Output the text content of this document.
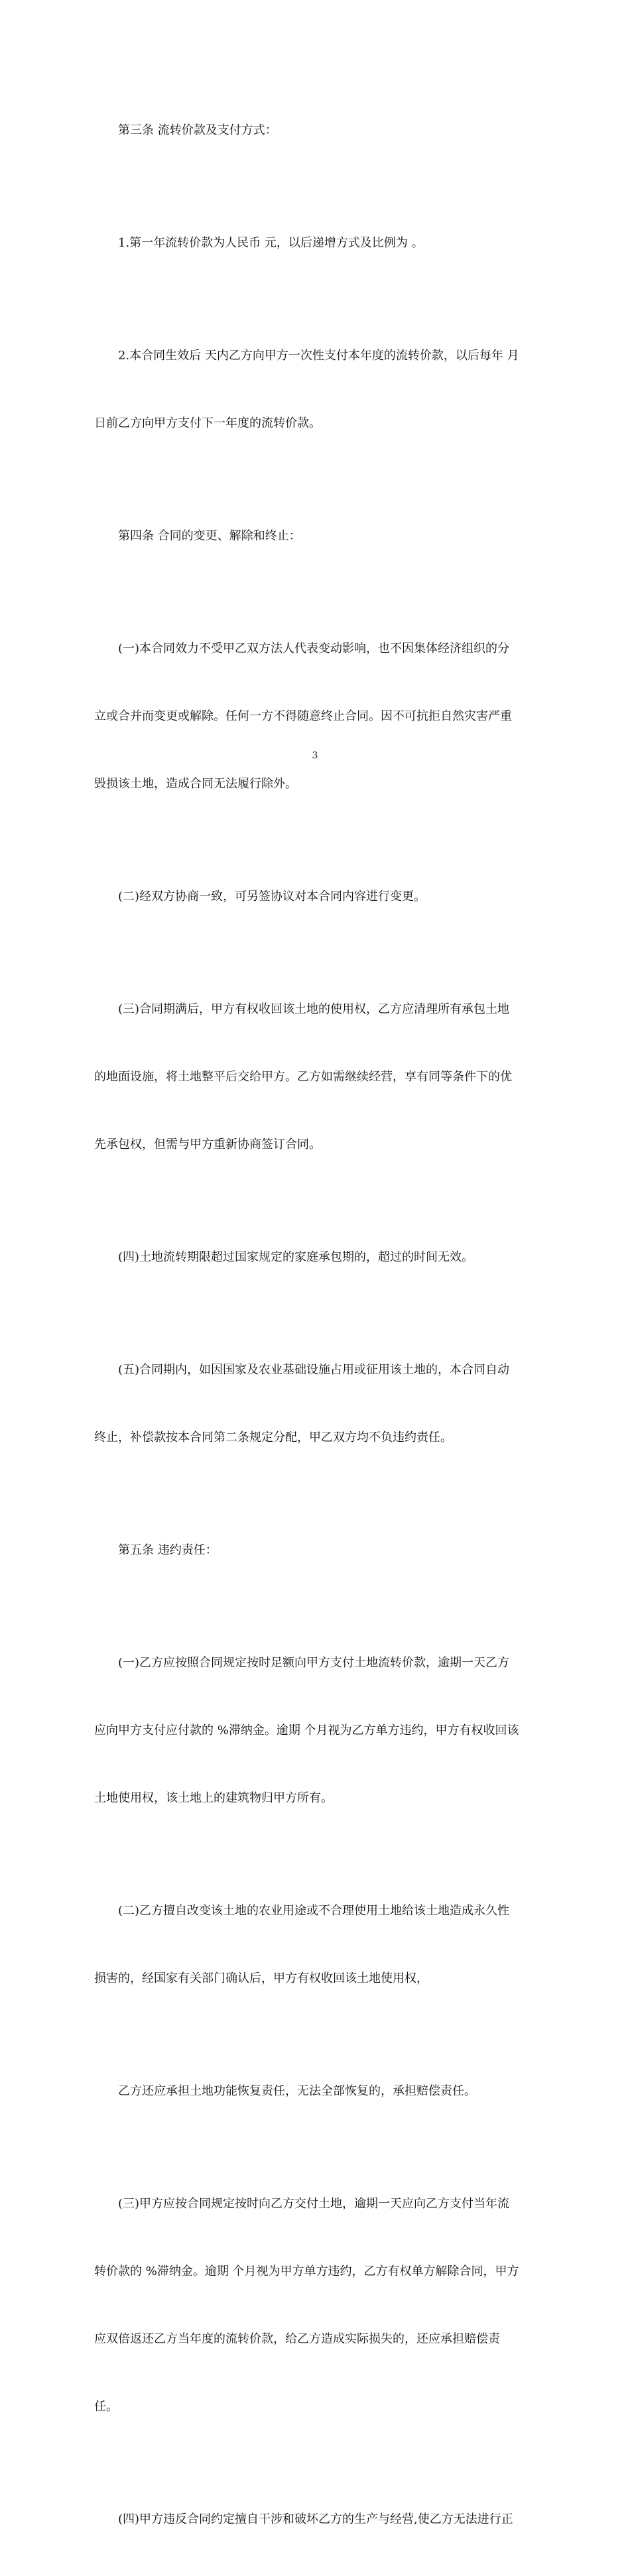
第三条 流转价款及支付方式：

1.第一年流转价款为人民币 元，以后递增方式及比例为 。

2.本合同生效后 天内乙方向甲方一次性支付本年度的流转价款，以后每年 月

日前乙方向甲方支付下一年度的流转价款。

第四条 合同的变更、解除和终止：

(一)本合同效力不受甲乙双方法人代表变动影响，也不因集体经济组织的分

立或合并而变更或解除。任何一方不得随意终止合同。因不可抗拒自然灾害严重

毁损该土地，造成合同无法履行除外。

(二)经双方协商一致，可另签协议对本合同内容进行变更。

(三)合同期满后，甲方有权收回该土地的使用权，乙方应清理所有承包土地

的地面设施，将土地整平后交给甲方。乙方如需继续经营，享有同等条件下的优

先承包权，但需与甲方重新协商签订合同。

(四)土地流转期限超过国家规定的家庭承包期的，超过的时间无效。

(五)合同期内，如因国家及农业基础设施占用或征用该土地的，本合同自动

终止，补偿款按本合同第二条规定分配，甲乙双方均不负违约责任。

第五条 违约责任：

(一)乙方应按照合同规定按时足额向甲方支付土地流转价款，逾期一天乙方

应向甲方支付应付款的 %滞纳金。逾期 个月视为乙方单方违约，甲方有权收回该

土地使用权，该土地上的建筑物归甲方所有。

(二)乙方擅自改变该土地的农业用途或不合理使用土地给该土地造成永久性

损害的，经国家有关部门确认后，甲方有权收回该土地使用权，

乙方还应承担土地功能恢复责任，无法全部恢复的，承担赔偿责任。

(三)甲方应按合同规定按时向乙方交付土地，逾期一天应向乙方支付当年流

转价款的 %滞纳金。逾期 个月视为甲方单方违约，乙方有权单方解除合同，甲方

应双倍返还乙方当年度的流转价款，给乙方造成实际损失的，还应承担赔偿责

任。

(四)甲方违反合同约定擅自干涉和破坏乙方的生产与经营,使乙方无法进行正

3
